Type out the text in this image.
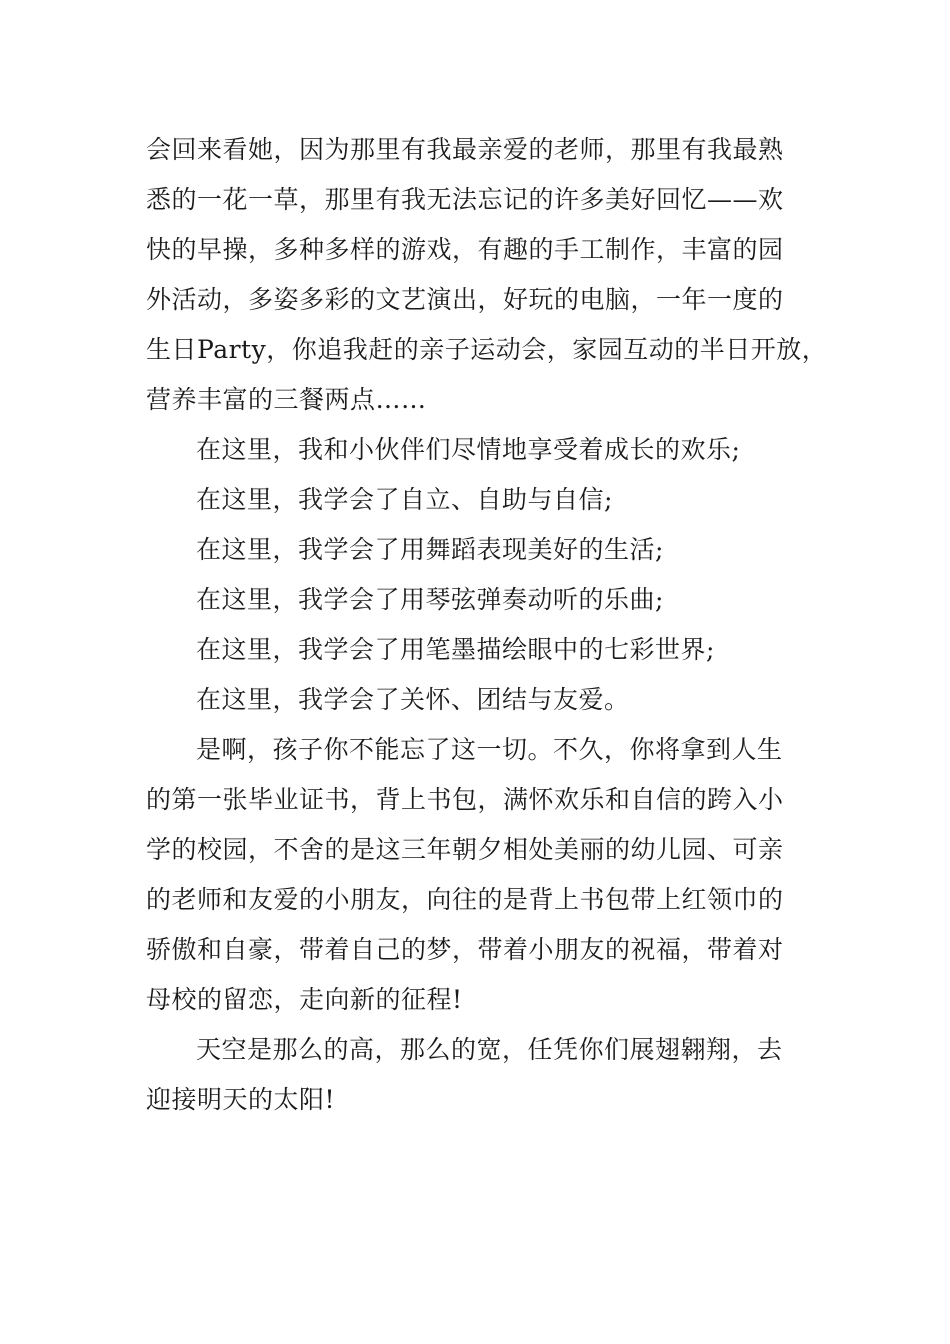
会回来看她，因为那里有我最亲爱的老师，那里有我最熟
悉的一花一草，那里有我无法忘记的许多美好回忆——欢
快的早操，多种多样的游戏，有趣的手工制作，丰富的园
外活动，多姿多彩的文艺演出，好玩的电脑，一年一度的
生日Party，你追我赶的亲子运动会，家园互动的半日开放，
营养丰富的三餐两点……
在这里，我和小伙伴们尽情地享受着成长的欢乐;
在这里，我学会了自立、自助与自信;
在这里，我学会了用舞蹈表现美好的生活;
在这里，我学会了用琴弦弹奏动听的乐曲;
在这里，我学会了用笔墨描绘眼中的七彩世界;
在这里，我学会了关怀、团结与友爱。
是啊，孩子你不能忘了这一切。不久，你将拿到人生
的第一张毕业证书，背上书包，满怀欢乐和自信的跨入小
学的校园，不舍的是这三年朝夕相处美丽的幼儿园、可亲
的老师和友爱的小朋友，向往的是背上书包带上红领巾的
骄傲和自豪，带着自己的梦，带着小朋友的祝福，带着对
母校的留恋，走向新的征程!
天空是那么的高，那么的宽，任凭你们展翅翱翔，去
迎接明天的太阳!
